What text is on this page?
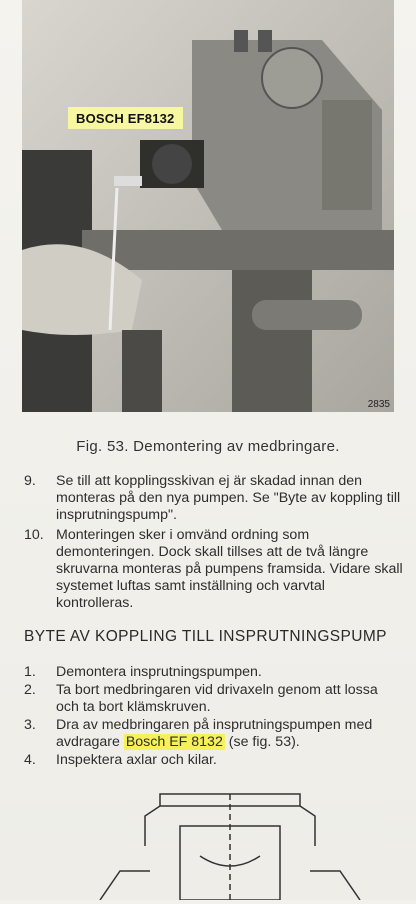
BOSCH EF8132
2835
Fig. 53. Demontering av medbringare.
9. Se till att kopplingsskivan ej är skadad innan den monteras på den nya pumpen. Se "Byte av koppling till insprutningspump".
10. Monteringen sker i omvänd ordning som demonteringen. Dock skall tillses att de två längre skruvarna monteras på pumpens framsida. Vidare skall systemet luftas samt inställning och varvtal kontrolleras.
BYTE AV KOPPLING TILL INSPRUTNINGSPUMP
1. Demontera insprutningspumpen.
2. Ta bort medbringaren vid drivaxeln genom att lossa och ta bort klämskruven.
3. Dra av medbringaren på insprutningspumpen med avdragare Bosch EF 8132 (se fig. 53).
4. Inspektera axlar och kilar.
